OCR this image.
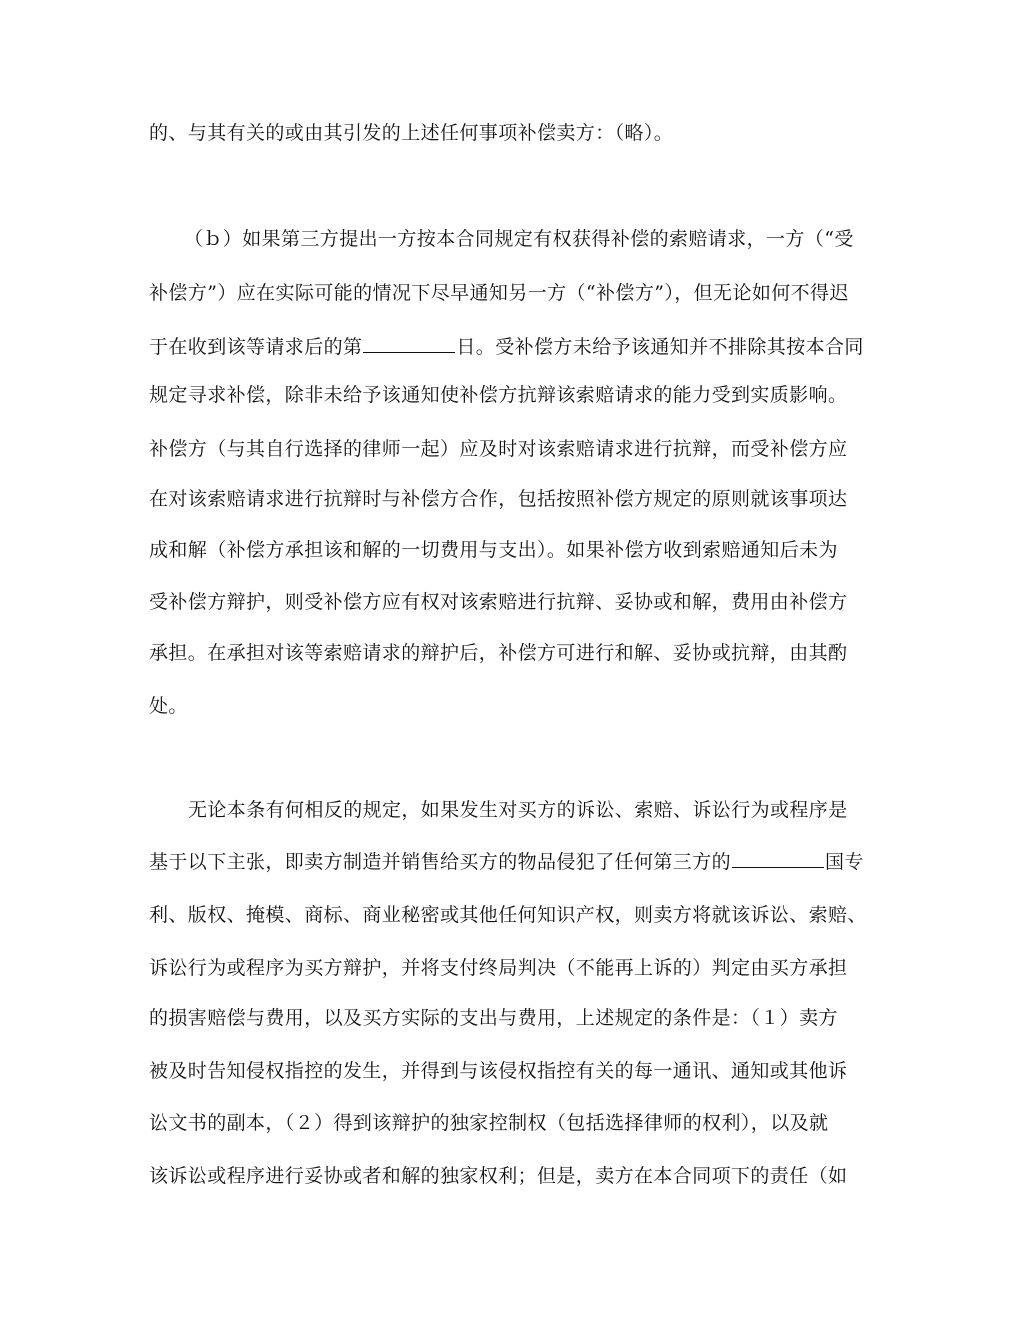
的、与其有关的或由其引发的上述任何事项补偿卖方：（略）。
（ｂ）如果第三方提出一方按本合同规定有权获得补偿的索赔请求，一方（“受
补偿方”）应在实际可能的情况下尽早通知另一方（“补偿方”），但无论如何不得迟
于在收到该等请求后的第	日。受补偿方未给予该通知并不排除其按本合同
规定寻求补偿，除非未给予该通知使补偿方抗辩该索赔请求的能力受到实质影响。
补偿方（与其自行选择的律师一起）应及时对该索赔请求进行抗辩，而受补偿方应
在对该索赔请求进行抗辩时与补偿方合作，包括按照补偿方规定的原则就该事项达
成和解（补偿方承担该和解的一切费用与支出）。如果补偿方收到索赔通知后未为
受补偿方辩护，则受补偿方应有权对该索赔进行抗辩、妥协或和解，费用由补偿方
承担。在承担对该等索赔请求的辩护后，补偿方可进行和解、妥协或抗辩，由其酌
处。
无论本条有何相反的规定，如果发生对买方的诉讼、索赔、诉讼行为或程序是
基于以下主张，即卖方制造并销售给买方的物品侵犯了任何第三方的	国专
利、版权、掩模、商标、商业秘密或其他任何知识产权，则卖方将就该诉讼、索赔、
诉讼行为或程序为买方辩护，并将支付终局判决（不能再上诉的）判定由买方承担
的损害赔偿与费用，以及买方实际的支出与费用，上述规定的条件是：（１）卖方
被及时告知侵权指控的发生，并得到与该侵权指控有关的每一通讯、通知或其他诉
讼文书的副本，（２）得到该辩护的独家控制权（包括选择律师的权利），以及就
该诉讼或程序进行妥协或者和解的独家权利；但是，卖方在本合同项下的责任（如
